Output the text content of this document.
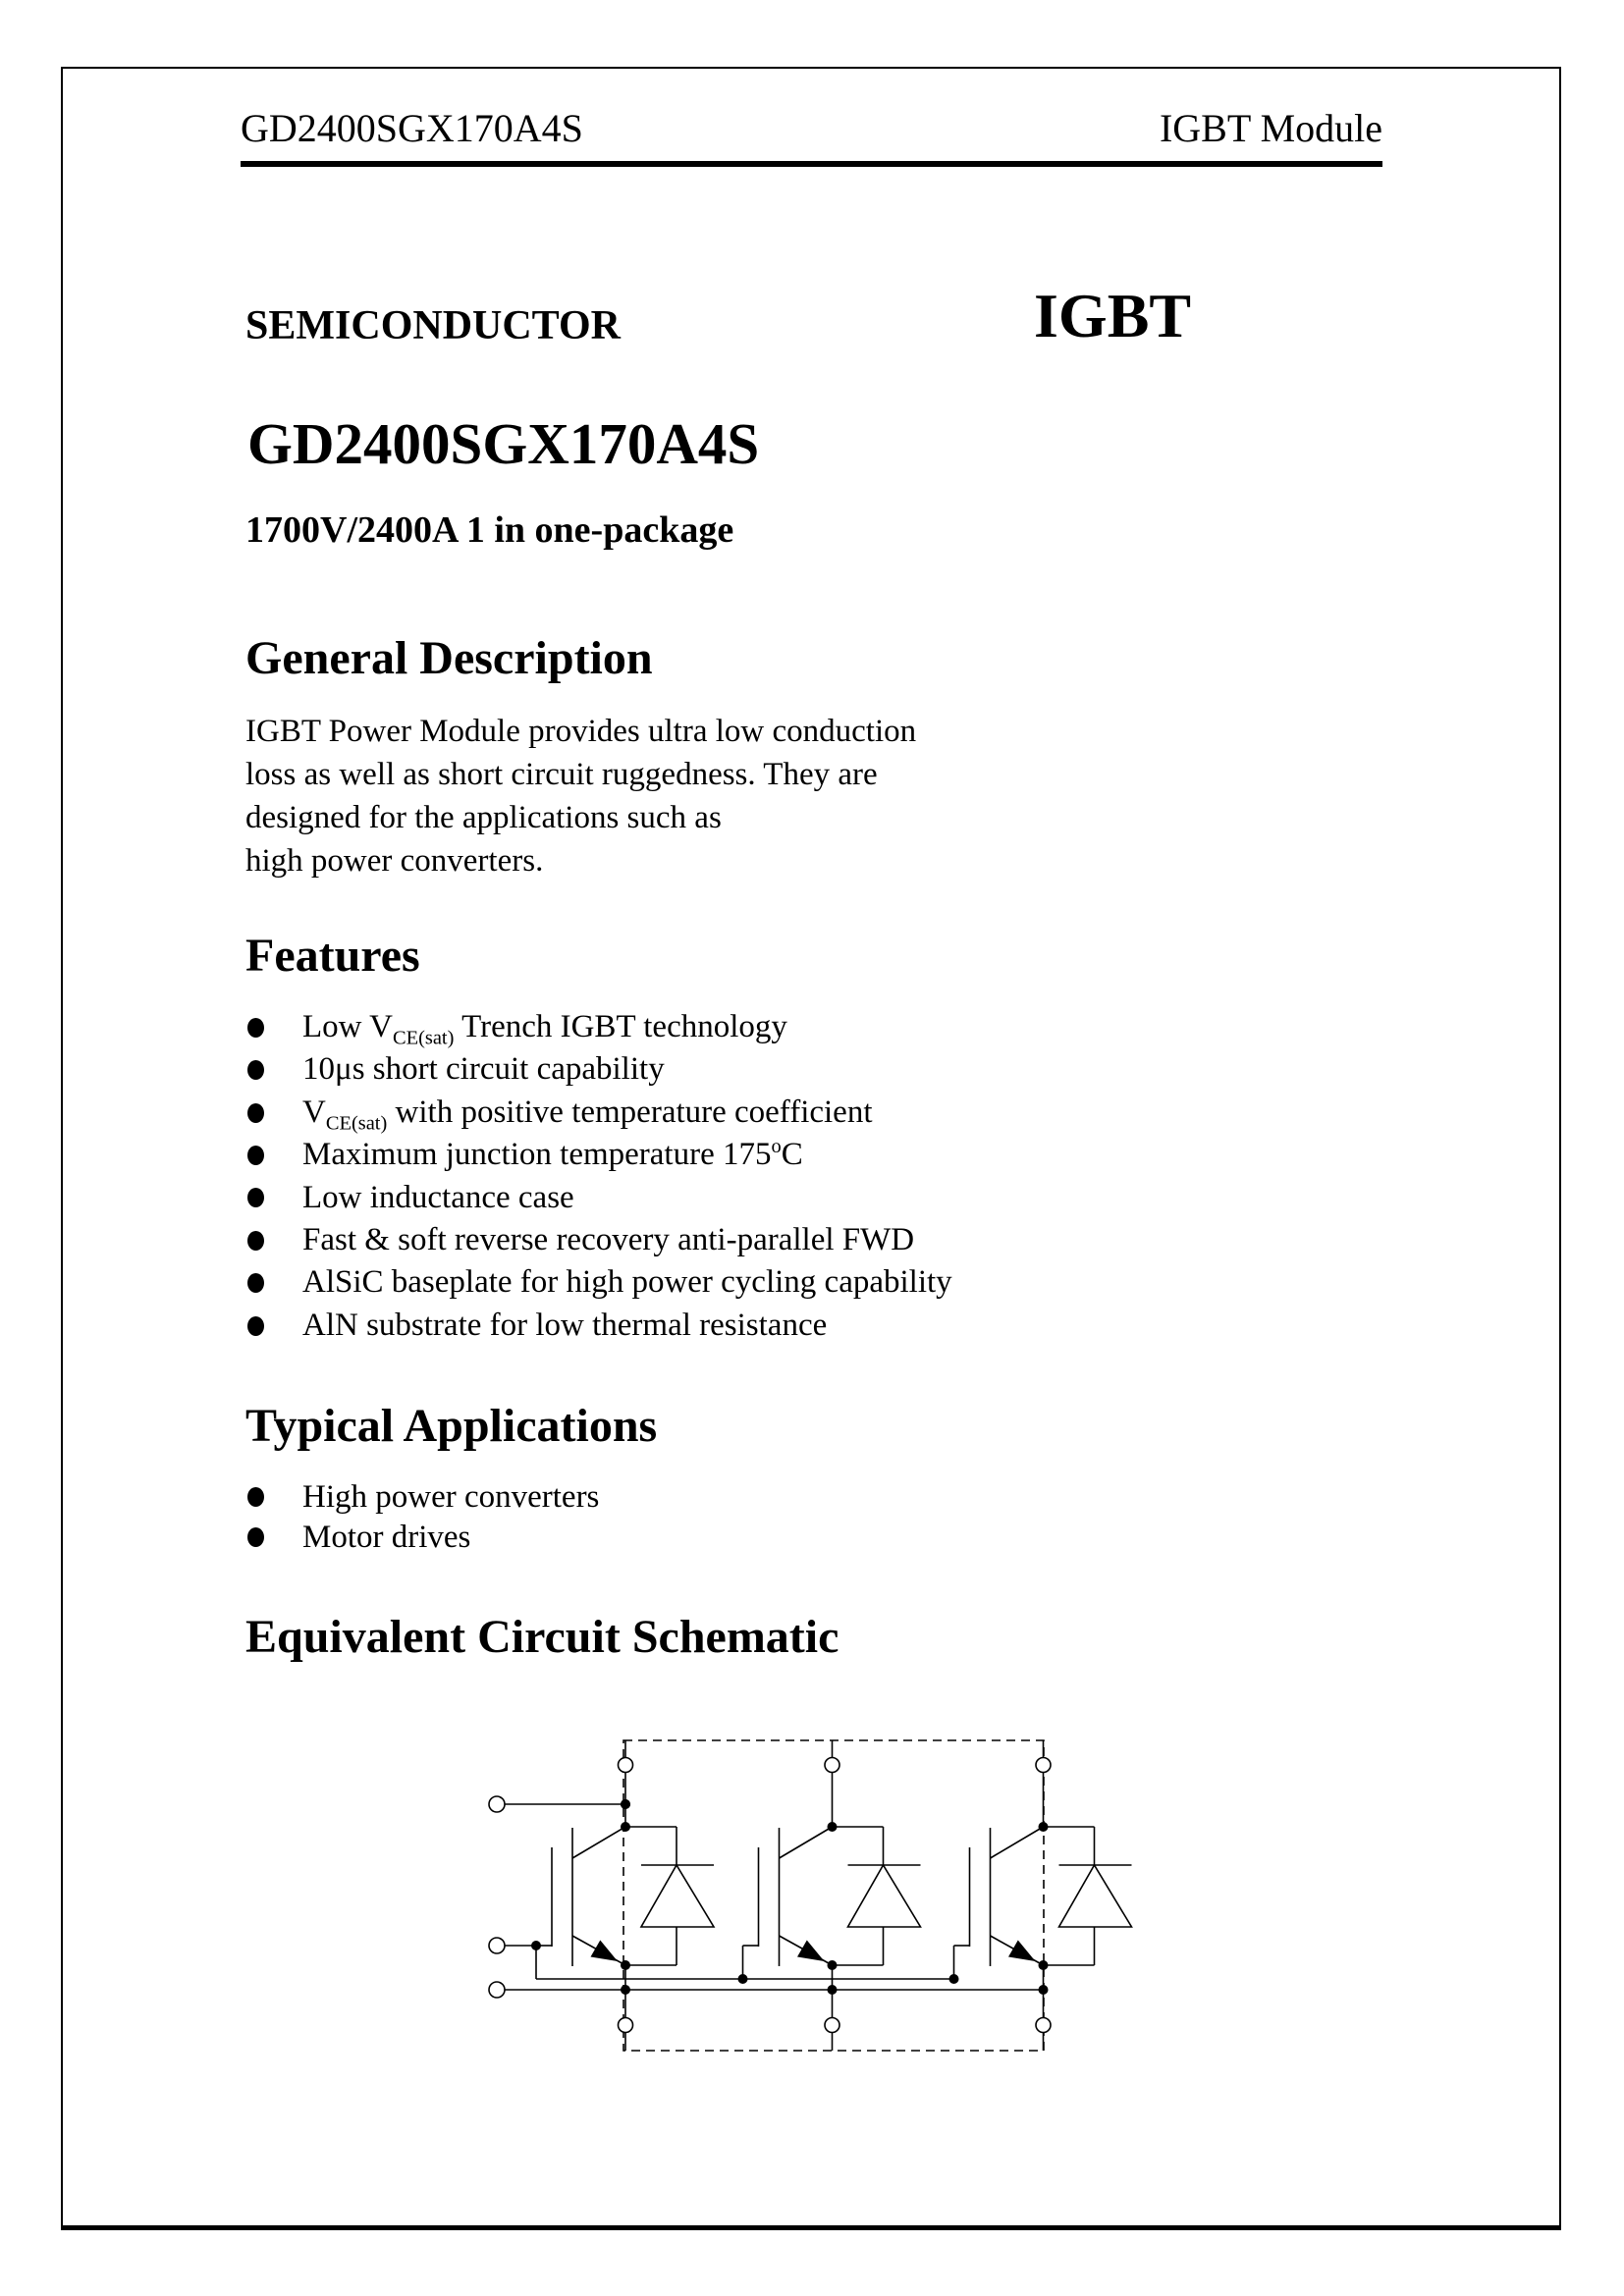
GD2400SGX170A4S	IGBT Module
SEMICONDUCTOR	IGBT
GD2400SGX170A4S
1700V/2400A 1 in one-package
General Description
IGBT Power Module provides ultra low conduction
loss as well as short circuit ruggedness. They are
designed for the applications such as
high power converters.
Features
Low $V_{CE(sat)}$ Trench IGBT technology
10μs short circuit capability
$V_{CE(sat)}$ with positive temperature coefficient
Maximum junction temperature 175$^o$C
Low inductance case
Fast & soft reverse recovery anti-parallel FWD
AlSiC baseplate for high power cycling capability
AlN substrate for low thermal resistance
Typical Applications
High power converters
Motor drives
Equivalent Circuit Schematic
